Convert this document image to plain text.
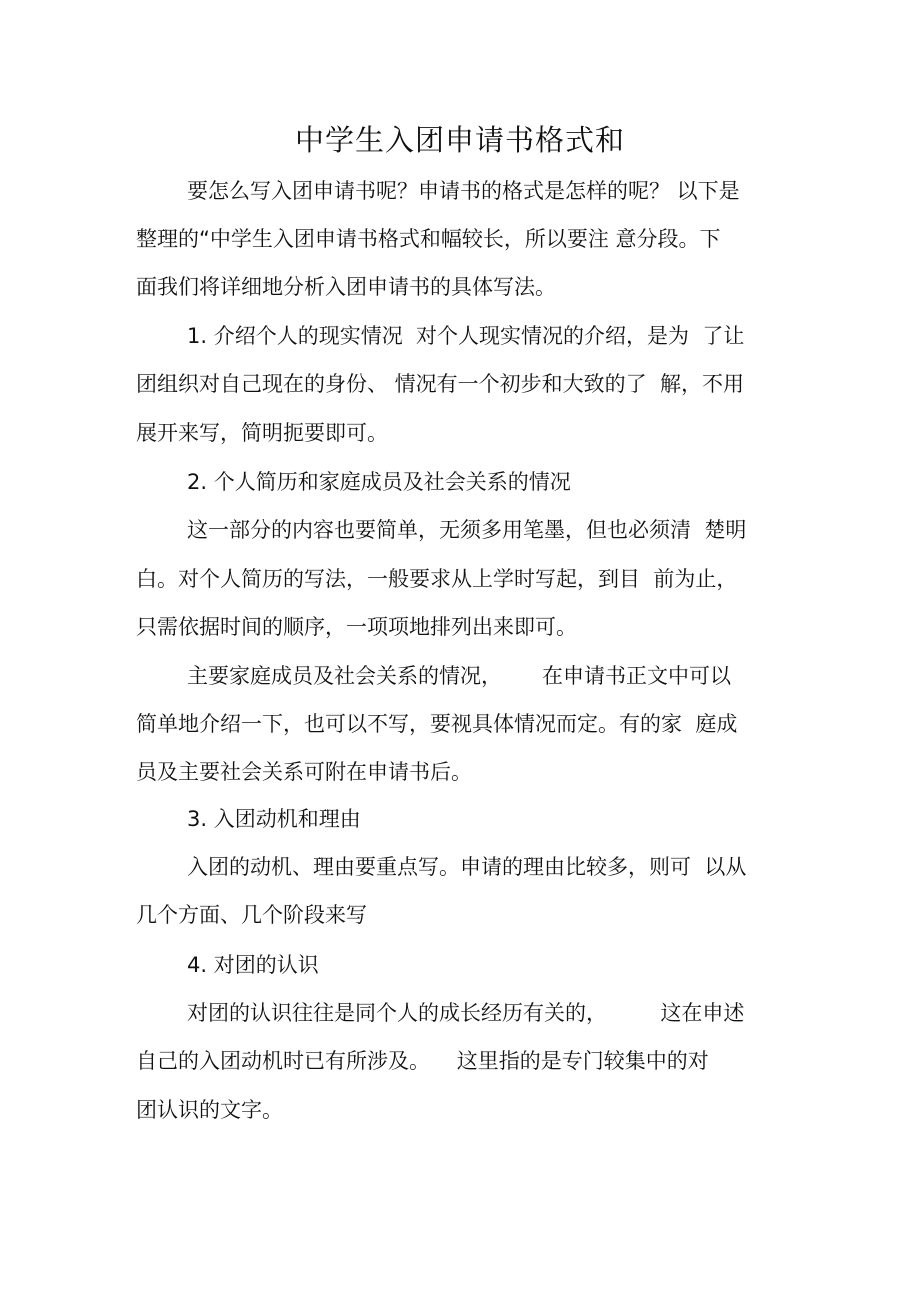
中学生入团申请书格式和
要怎么写入团申请书呢？申请书的格式是怎样的呢？ 以下是
整理的“中学生入团申请书格式和幅较长，所以要注 意分段。下
面我们将详细地分析入团申请书的具体写法。
1. 介绍个人的现实情况  对个人现实情况的介绍，是为  了让
团组织对自己现在的身份、 情况有一个初步和大致的了  解，不用
展开来写，简明扼要即可。
2. 个人简历和家庭成员及社会关系的情况
这一部分的内容也要简单，无须多用笔墨，但也必须清  楚明
白。对个人简历的写法，一般要求从上学时写起，到目  前为止，
只需依据时间的顺序，一项项地排列出来即可。
主要家庭成员及社会关系的情况，      在申请书正文中可以
简单地介绍一下，也可以不写，要视具体情况而定。有的家  庭成
员及主要社会关系可附在申请书后。
3. 入团动机和理由
入团的动机、理由要重点写。申请的理由比较多，则可  以从
几个方面、几个阶段来写
4. 对团的认识
对团的认识往往是同个人的成长经历有关的，        这在申述
自己的入团动机时已有所涉及。    这里指的是专门较集中的对
团认识的文字。
